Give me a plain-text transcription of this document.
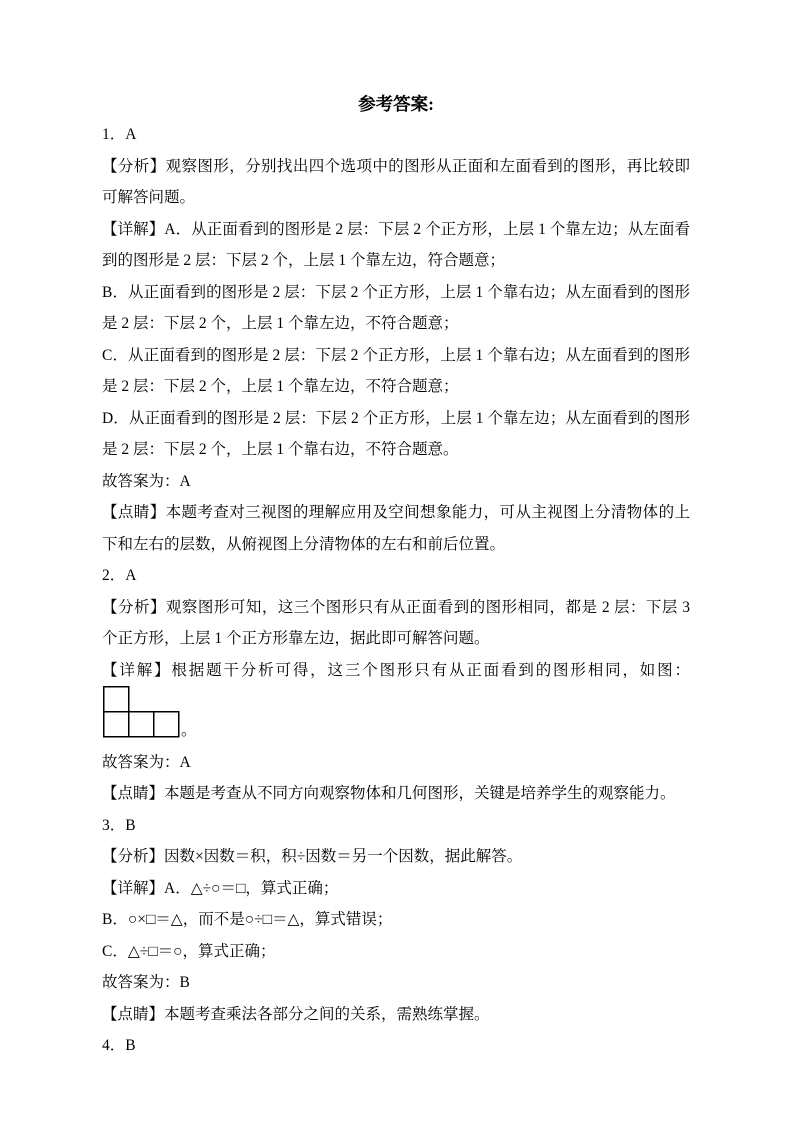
参考答案:

1．A

【分析】观察图形，分别找出四个选项中的图形从正面和左面看到的图形，再比较即可解答问题。

【详解】A．从正面看到的图形是 2 层：下层 2 个正方形，上层 1 个靠左边；从左面看到的图形是 2 层：下层 2 个，上层 1 个靠左边，符合题意；

B．从正面看到的图形是 2 层：下层 2 个正方形，上层 1 个靠右边；从左面看到的图形是 2 层：下层 2 个，上层 1 个靠左边，不符合题意；

C．从正面看到的图形是 2 层：下层 2 个正方形，上层 1 个靠右边；从左面看到的图形是 2 层：下层 2 个，上层 1 个靠左边，不符合题意；

D．从正面看到的图形是 2 层：下层 2 个正方形，上层 1 个靠左边；从左面看到的图形是 2 层：下层 2 个，上层 1 个靠右边，不符合题意。

故答案为：A

【点睛】本题考查对三视图的理解应用及空间想象能力，可从主视图上分清物体的上下和左右的层数，从俯视图上分清物体的左右和前后位置。

2．A

【分析】观察图形可知，这三个图形只有从正面看到的图形相同，都是 2 层：下层 3 个正方形，上层 1 个正方形靠左边，据此即可解答问题。

【详解】根据题干分析可得，这三个图形只有从正面看到的图形相同，如图：。

故答案为：A

【点睛】本题是考查从不同方向观察物体和几何图形，关键是培养学生的观察能力。

3．B

【分析】因数×因数＝积，积÷因数＝另一个因数，据此解答。

【详解】A．△÷○＝□，算式正确；

B．○×□＝△，而不是○÷□＝△，算式错误；

C．△÷□＝○，算式正确；

故答案为：B

【点睛】本题考查乘法各部分之间的关系，需熟练掌握。

4．B
